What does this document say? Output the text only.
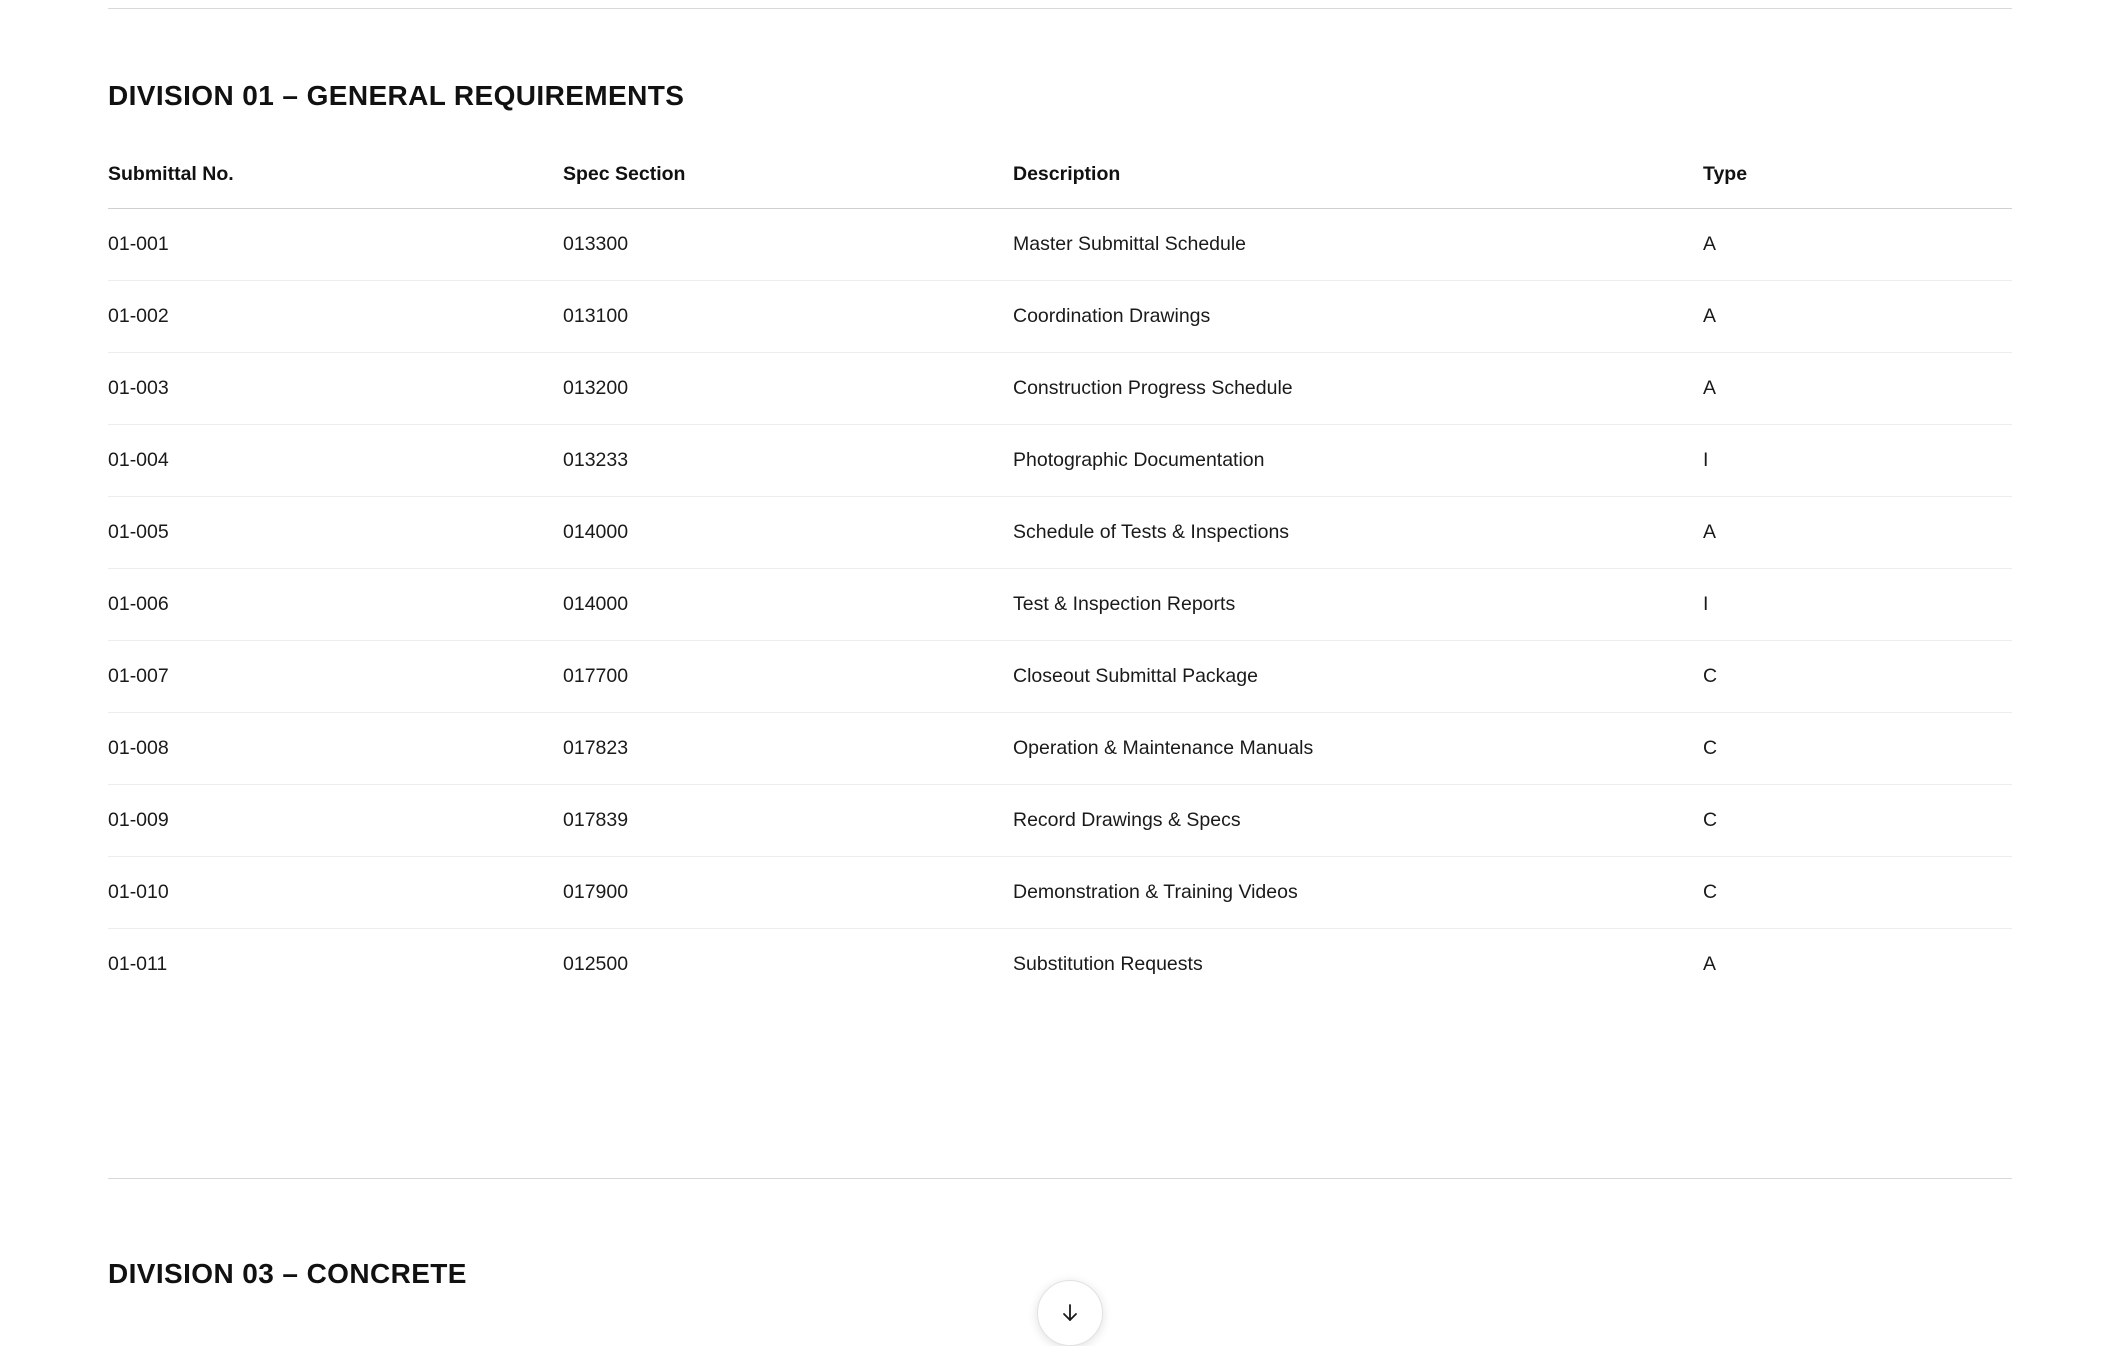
DIVISION 01 – GENERAL REQUIREMENTS
Submittal No.	Spec Section	Description	Type
01-001	013300	Master Submittal Schedule	A
01-002	013100	Coordination Drawings	A
01-003	013200	Construction Progress Schedule	A
01-004	013233	Photographic Documentation	I
01-005	014000	Schedule of Tests & Inspections	A
01-006	014000	Test & Inspection Reports	I
01-007	017700	Closeout Submittal Package	C
01-008	017823	Operation & Maintenance Manuals	C
01-009	017839	Record Drawings & Specs	C
01-010	017900	Demonstration & Training Videos	C
01-011	012500	Substitution Requests	A
DIVISION 03 – CONCRETE
